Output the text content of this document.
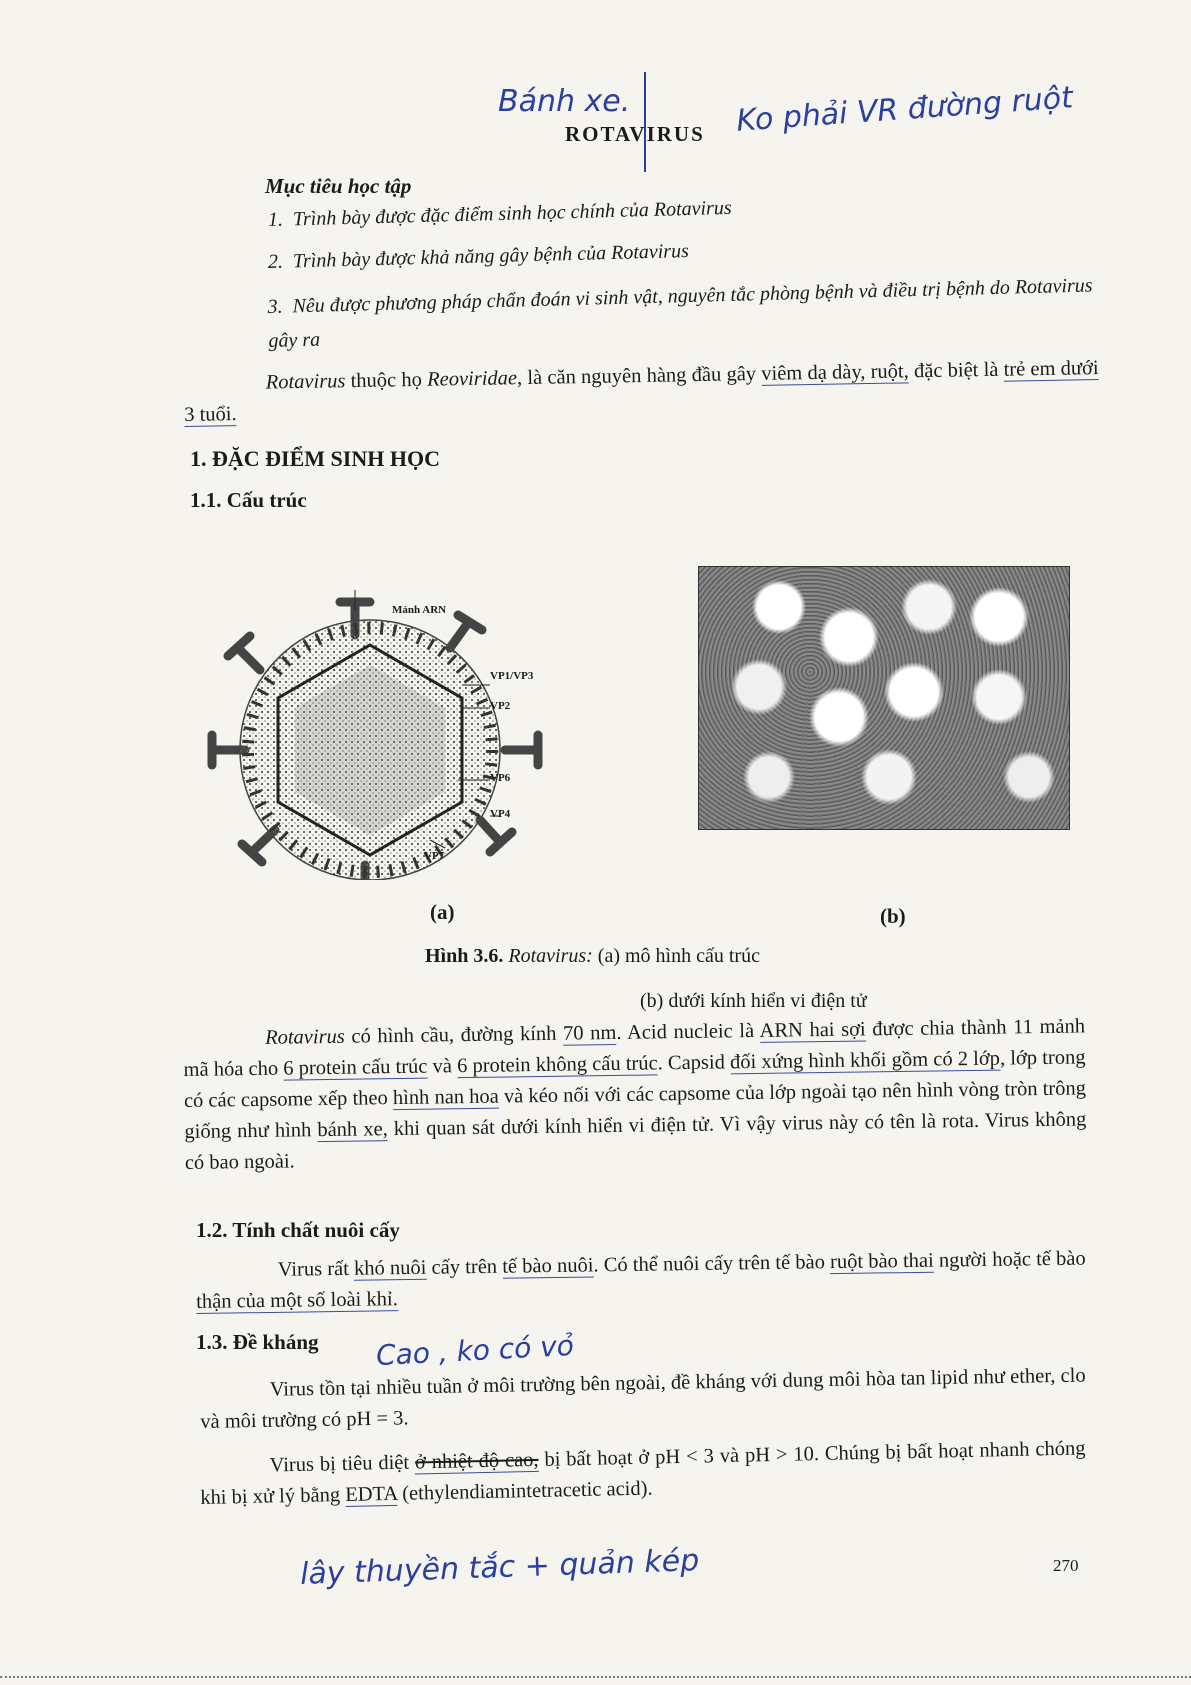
Bánh xe.
ROTAVIRUS Ko phải VR đường ruột
Mục tiêu học tập
1. Trình bày được đặc điểm sinh học chính của Rotavirus
2. Trình bày được khả năng gây bệnh của Rotavirus
3. Nêu được phương pháp chẩn đoán vi sinh vật, nguyên tắc phòng bệnh và điều trị bệnh do Rotavirus gây ra
Rotavirus thuộc họ Reoviridae, là căn nguyên hàng đầu gây viêm dạ dày, ruột, đặc biệt là trẻ em dưới 3 tuổi.
1. ĐẶC ĐIỂM SINH HỌC
1.1. Cấu trúc
Mảnh ARN
VP1/VP3
VP2
VP6
VP4
VP7
(a)	(b)
Hình 3.6. Rotavirus: (a) mô hình cấu trúc
(b) dưới kính hiển vi điện tử
Rotavirus có hình cầu, đường kính 70 nm. Acid nucleic là ARN hai sợi được chia thành 11 mảnh mã hóa cho 6 protein cấu trúc và 6 protein không cấu trúc. Capsid đối xứng hình khối gồm có 2 lớp, lớp trong có các capsome xếp theo hình nan hoa và kéo nối với các capsome của lớp ngoài tạo nên hình vòng tròn trông giống như hình bánh xe, khi quan sát dưới kính hiển vi điện tử. Vì vậy virus này có tên là rota. Virus không có bao ngoài.
1.2. Tính chất nuôi cấy
Virus rất khó nuôi cấy trên tế bào nuôi. Có thể nuôi cấy trên tế bào ruột bào thai người hoặc tế bào thận của một số loài khỉ.
1.3. Đề kháng Cao , ko có vỏ
Virus tồn tại nhiều tuần ở môi trường bên ngoài, đề kháng với dung môi hòa tan lipid như ether, clo và môi trường có pH = 3.
Virus bị tiêu diệt ở nhiệt độ cao, bị bất hoạt ở pH < 3 và pH > 10. Chúng bị bất hoạt nhanh chóng khi bị xử lý bằng EDTA (ethylendiamintetracetic acid).
lây thuyền tắc + quản kép	270
